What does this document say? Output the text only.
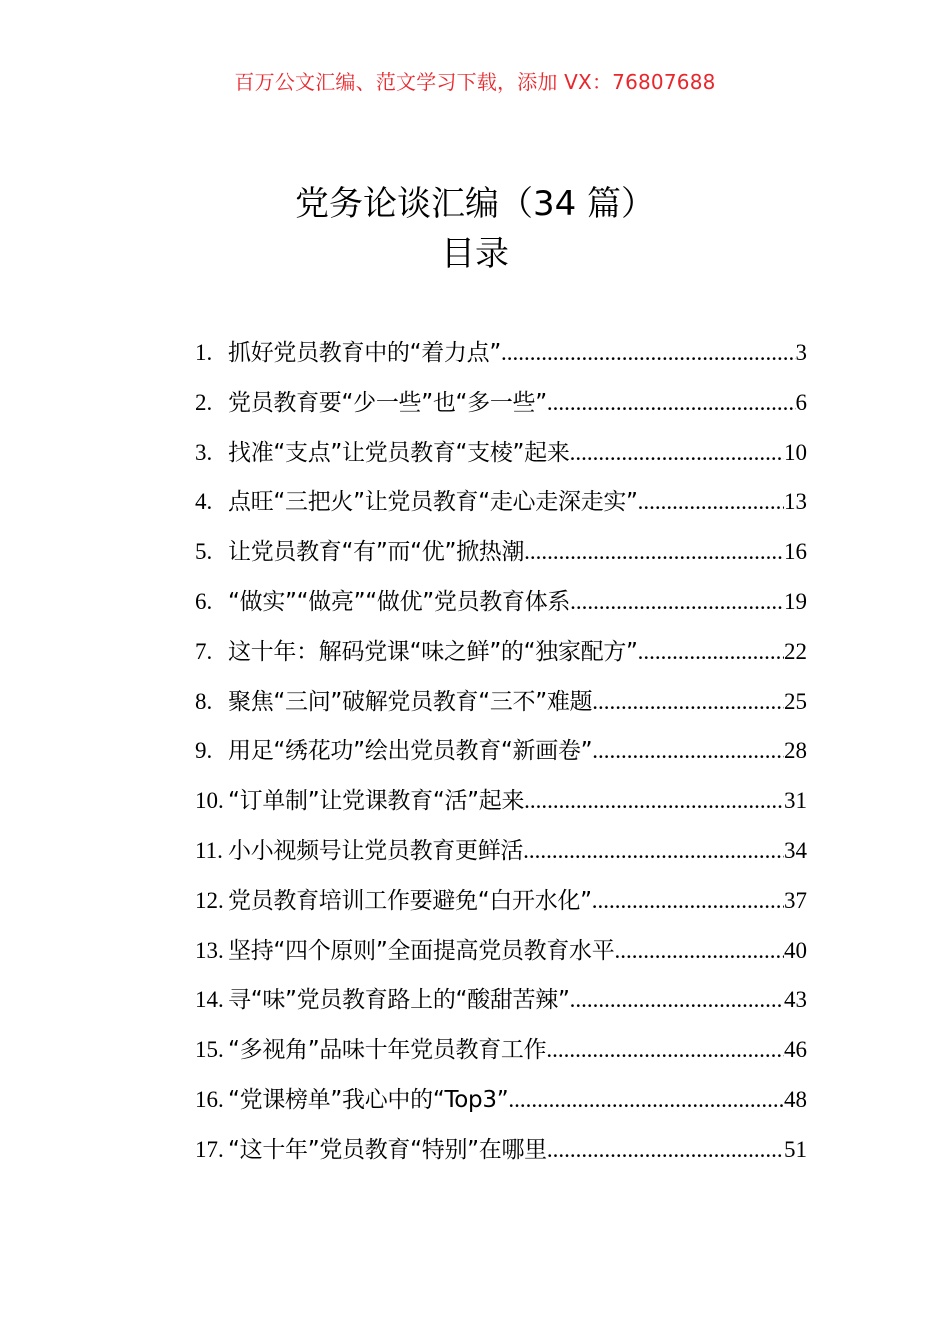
百万公文汇编、范文学习下载，添加 VX：76807688
党务论谈汇编（34 篇）
目录
1. 抓好党员教育中的“着力点” .....	3
2. 党员教育要“少一些”也“多一些” .....	6
3. 找准“支点”让党员教育“支棱”起来 .....	10
4. 点旺“三把火”让党员教育“走心走深走实” .....	13
5. 让党员教育“有”而“优”掀热潮 .....	16
6. “做实”“做亮”“做优”党员教育体系 .....	19
7. 这十年：解码党课“味之鲜”的“独家配方” .....	22
8. 聚焦“三问”破解党员教育“三不”难题 .....	25
9. 用足“绣花功”绘出党员教育“新画卷” .....	28
10. “订单制”让党课教育“活”起来 .....	31
11. 小小视频号让党员教育更鲜活 .....	34
12. 党员教育培训工作要避免“白开水化” .....	37
13. 坚持“四个原则”全面提高党员教育水平 .....	40
14. 寻“味”党员教育路上的“酸甜苦辣” .....	43
15. “多视角”品味十年党员教育工作 .....	46
16. “党课榜单”我心中的“Top3” .....	48
17. “这十年”党员教育“特别”在哪里 .....	51
